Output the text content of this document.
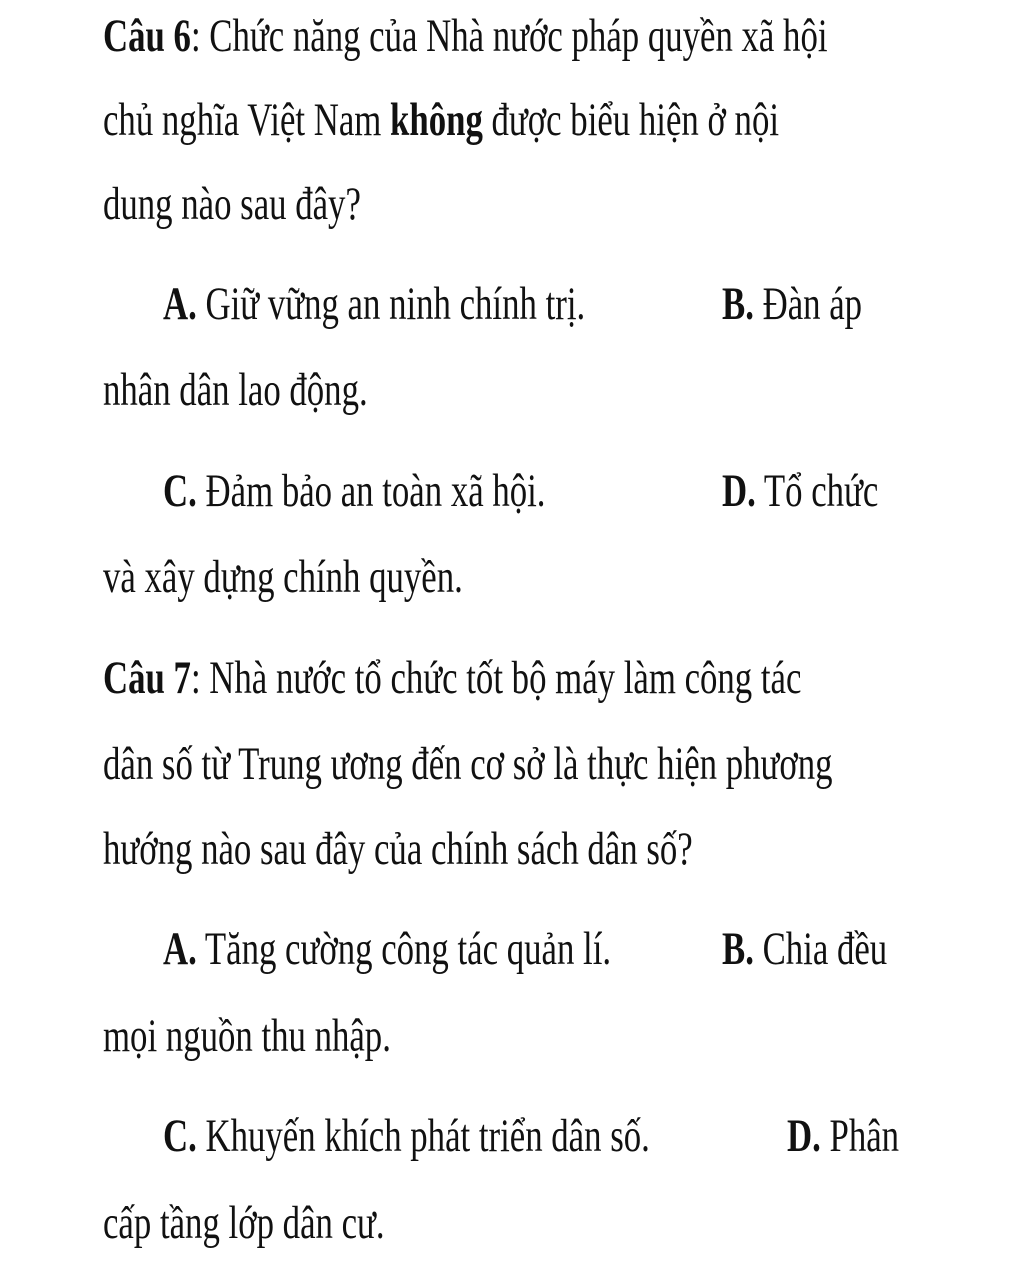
Câu 6: Chức năng của Nhà nước pháp quyền xã hội
chủ nghĩa Việt Nam không được biểu hiện ở nội
dung nào sau đây?
A. Giữ vững an ninh chính trị.	B. Đàn áp
nhân dân lao động.
C. Đảm bảo an toàn xã hội.	D. Tổ chức
và xây dựng chính quyền.
Câu 7: Nhà nước tổ chức tốt bộ máy làm công tác
dân số từ Trung ương đến cơ sở là thực hiện phương
hướng nào sau đây của chính sách dân số?
A. Tăng cường công tác quản lí. B. Chia đều
mọi nguồn thu nhập.
C. Khuyến khích phát triển dân số.	D. Phân
cấp tầng lớp dân cư.
